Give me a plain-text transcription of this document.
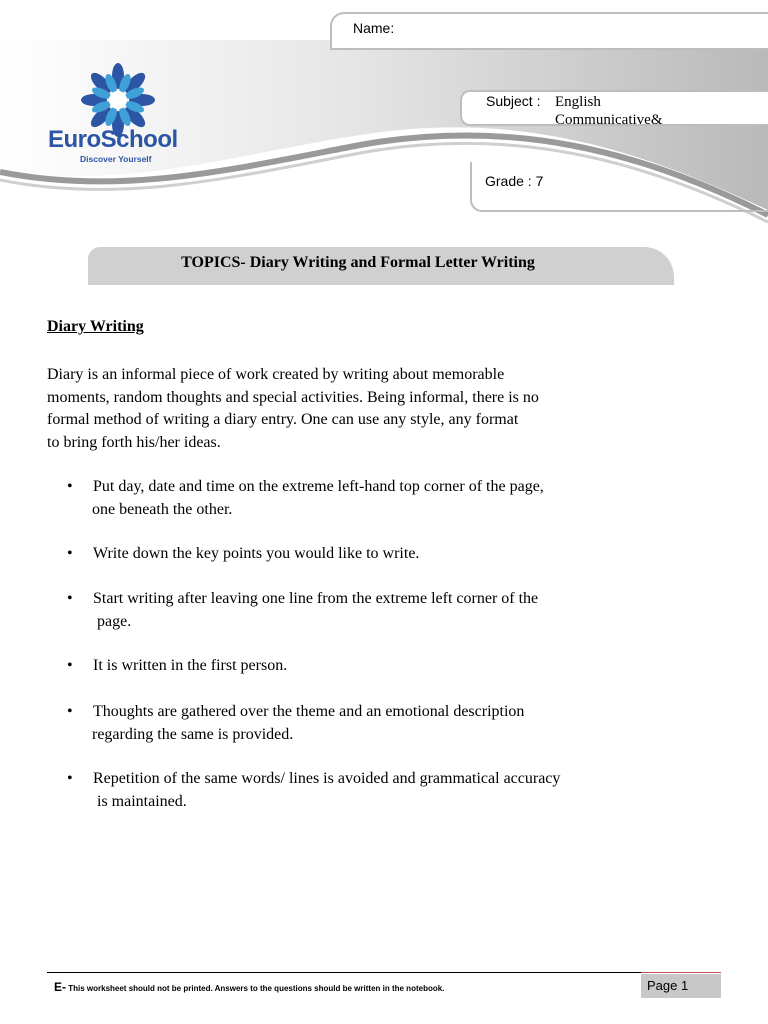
Name:
Subject : English
Communicative&
Grade : 7
EuroSchool
Discover Yourself
TOPICS- Diary Writing and Formal Letter Writing
Diary Writing
Diary is an informal piece of work created by writing about memorable
moments, random thoughts and special activities. Being informal, there is no
formal method of writing a diary entry. One can use any style, any format
to bring forth his/her ideas.
• Put day, date and time on the extreme left-hand top corner of the page,
one beneath the other.
• Write down the key points you would like to write.
• Start writing after leaving one line from the extreme left corner of the
page.
• It is written in the first person.
• Thoughts are gathered over the theme and an emotional description
regarding the same is provided.
• Repetition of the same words/ lines is avoided and grammatical accuracy
is maintained.
E- This worksheet should not be printed. Answers to the questions should be written in the notebook.	Page 1
